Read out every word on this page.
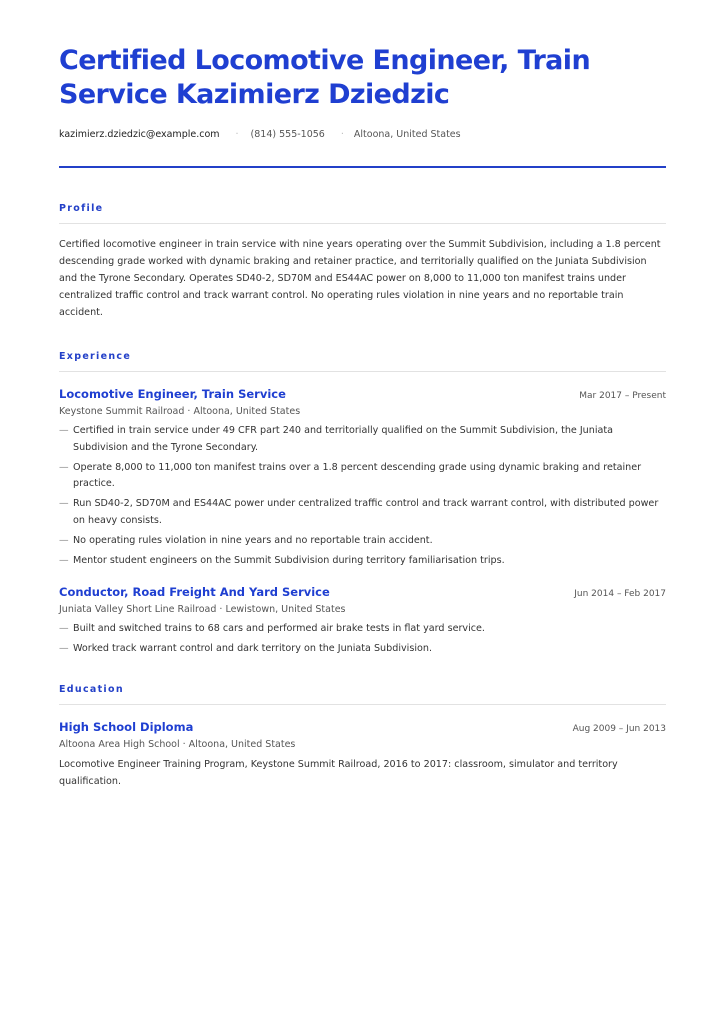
Certified Locomotive Engineer, Train
Service Kazimierz Dziedzic
kazimierz.dziedzic@example.com · (814) 555-1056 · Altoona, United States
Profile

Certified locomotive engineer in train service with nine years operating over the Summit Subdivision, including a 1.8 percent descending grade worked with dynamic braking and retainer practice, and territorially qualified on the Juniata Subdivision and the Tyrone Secondary. Operates SD40-2, SD70M and ES44AC power on 8,000 to 11,000 ton manifest trains under centralized traffic control and track warrant control. No operating rules violation in nine years and no reportable train accident.

Experience
Locomotive Engineer, Train Service	Mar 2017 – Present
Keystone Summit Railroad · Altoona, United States
— Certified in train service under 49 CFR part 240 and territorially qualified on the Summit Subdivision, the Juniata Subdivision and the Tyrone Secondary.
— Operate 8,000 to 11,000 ton manifest trains over a 1.8 percent descending grade using dynamic braking and retainer practice.
— Run SD40-2, SD70M and ES44AC power under centralized traffic control and track warrant control, with distributed power on heavy consists.
— No operating rules violation in nine years and no reportable train accident.
— Mentor student engineers on the Summit Subdivision during territory familiarisation trips.
Conductor, Road Freight And Yard Service	Jun 2014 – Feb 2017
Juniata Valley Short Line Railroad · Lewistown, United States
— Built and switched trains to 68 cars and performed air brake tests in flat yard service.
— Worked track warrant control and dark territory on the Juniata Subdivision.
Education
High School Diploma	Aug 2009 – Jun 2013
Altoona Area High School · Altoona, United States

Locomotive Engineer Training Program, Keystone Summit Railroad, 2016 to 2017: classroom, simulator and territory qualification.
